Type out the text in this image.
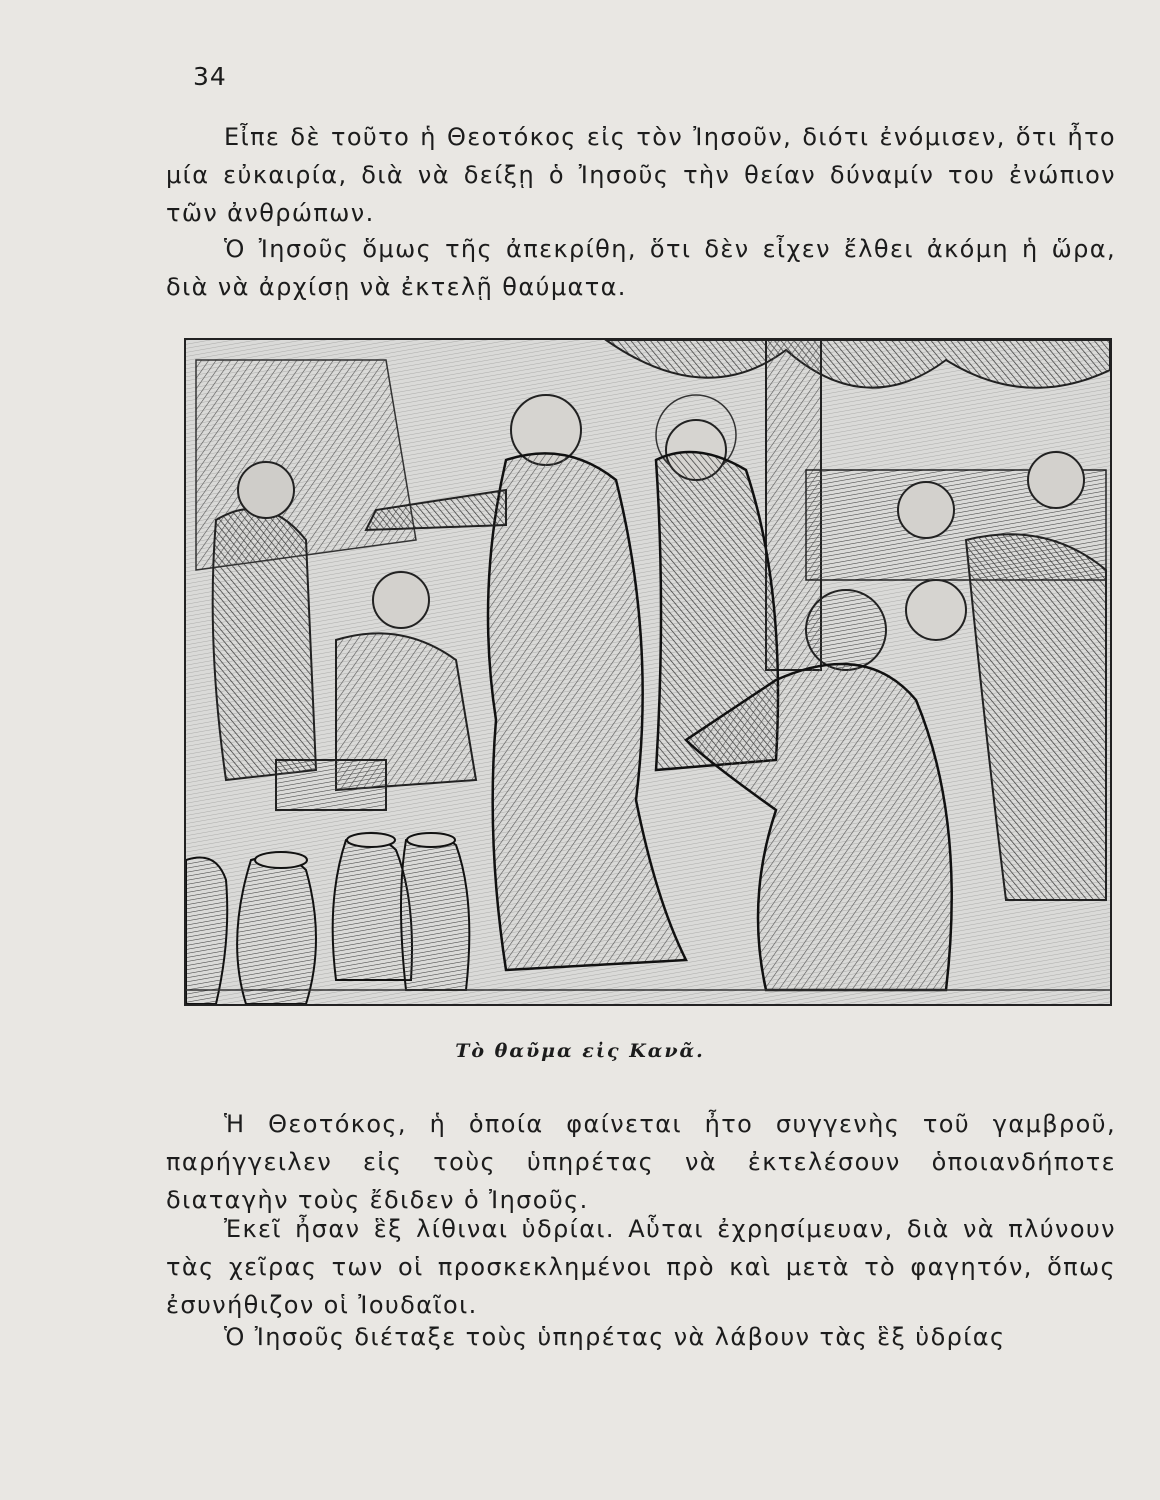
34

Εἶπε δὲ τοῦτο ἡ Θεοτόκος εἰς τὸν Ἰησοῦν, διότι ἐνόμισεν, ὅτι ἦτο μία εὐκαιρία, διὰ νὰ δείξῃ ὁ Ἰησοῦς τὴν θείαν δύναμίν του ἐνώπιον τῶν ἀνθρώπων.

Ὁ Ἰησοῦς ὅμως τῆς ἀπεκρίθη, ὅτι δὲν εἶχεν ἔλθει ἀκόμη ἡ ὥρα, διὰ νὰ ἀρχίσῃ νὰ ἐκτελῇ θαύματα.

Τὸ θαῦμα εἰς Κανᾶ.

Ἡ Θεοτόκος, ἡ ὁποία φαίνεται ἦτο συγγενὴς τοῦ γαμβροῦ, παρήγγειλεν εἰς τοὺς ὑπηρέτας νὰ ἐκτελέσουν ὁποιανδήποτε διαταγὴν τοὺς ἔδιδεν ὁ Ἰησοῦς.

Ἐκεῖ ἦσαν ἓξ λίθιναι ὑδρίαι. Αὗται ἐχρησίμευαν, διὰ νὰ πλύνουν τὰς χεῖρας των οἱ προσκεκλημένοι πρὸ καὶ μετὰ τὸ φαγητόν, ὅπως ἐσυνήθιζον οἱ Ἰουδαῖοι.

Ὁ Ἰησοῦς διέταξε τοὺς ὑπηρέτας νὰ λάβουν τὰς ἓξ ὑδρίας
